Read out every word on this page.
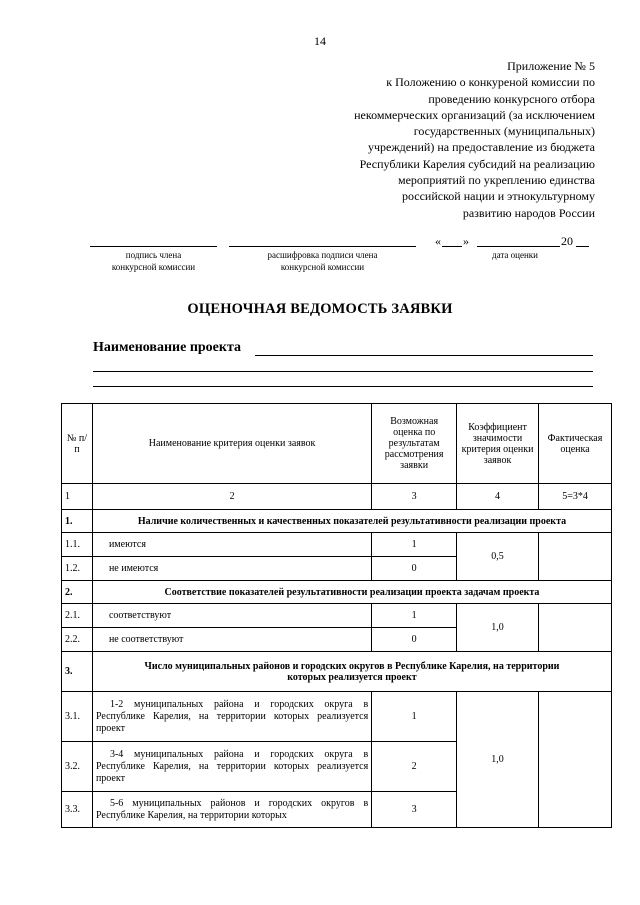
14
Приложение № 5
к Положению о конкуреной комиссии по
проведению конкурсного отбора
некоммерческих организаций (за исключением
государственных (муниципальных)
учреждений) на предоставление из бюджета
Республики Карелия субсидий на реализацию
мероприятий по укреплению единства
российской нации и этнокультурному
развитию народов России
подпись члена
конкурсной комиссии
расшифровка подписи члена
конкурсной комиссии
« »	20
дата оценки
ОЦЕНОЧНАЯ ВЕДОМОСТЬ ЗАЯВКИ
Наименование проекта
№ п/п	Наименование критерия оценки заявок	Возможная оценка по результатам рассмотрения заявки	Коэффициент значимости критерия оценки заявок	Фактическая оценка
1	2	3	4	5=3*4
1.	Наличие количественных и качественных показателей результативности реализации проекта			
1.1.	имеются	1	0,5	
1.2.	не имеются	0		
2.	Соответствие показателей результативности реализации проекта задачам проекта			
2.1.	соответствуют	1	1,0	
2.2.	не соответствуют	0		
3.	Число муниципальных районов и городских округов в Республике Карелия, на территории которых реализуется проект			
3.1.	1-2 муниципальных района и городских округа в Республике Карелия, на территории которых реализуется проект	1	1,0	
3.2.	3-4 муниципальных района и городских округа в Республике Карелия, на территории которых реализуется проект	2		
3.3.	5-6 муниципальных районов и городских округов в Республике Карелия, на территории которых	3		
